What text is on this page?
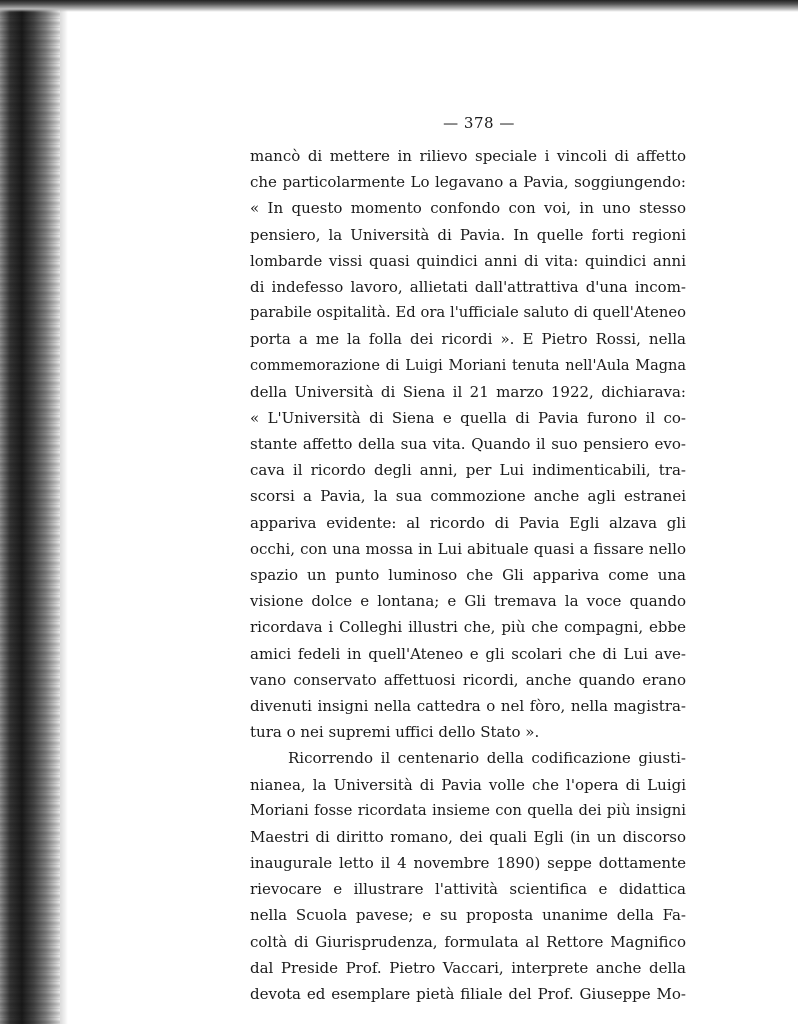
— 378 —
mancò di mettere in rilievo speciale i vincoli di affetto
che particolarmente Lo legavano a Pavia, soggiungendo:
« In questo momento confondo con voi, in uno stesso
pensiero, la Università di Pavia. In quelle forti regioni
lombarde vissi quasi quindici anni di vita: quindici anni
di indefesso lavoro, allietati dall'attrattiva d'una incom-
parabile ospitalità. Ed ora l'ufficiale saluto di quell'Ateneo
porta a me la folla dei ricordi ». E Pietro Rossi, nella
commemorazione di Luigi Moriani tenuta nell'Aula Magna
della Università di Siena il 21 marzo 1922, dichiarava:
« L'Università di Siena e quella di Pavia furono il co-
stante affetto della sua vita. Quando il suo pensiero evo-
cava il ricordo degli anni, per Lui indimenticabili, tra-
scorsi a Pavia, la sua commozione anche agli estranei
appariva evidente: al ricordo di Pavia Egli alzava gli
occhi, con una mossa in Lui abituale quasi a fissare nello
spazio un punto luminoso che Gli appariva come una
visione dolce e lontana; e Gli tremava la voce quando
ricordava i Colleghi illustri che, più che compagni, ebbe
amici fedeli in quell'Ateneo e gli scolari che di Lui ave-
vano conservato affettuosi ricordi, anche quando erano
divenuti insigni nella cattedra o nel fòro, nella magistra-
tura o nei supremi uffici dello Stato ».
Ricorrendo il centenario della codificazione giusti-
nianea, la Università di Pavia volle che l'opera di Luigi
Moriani fosse ricordata insieme con quella dei più insigni
Maestri di diritto romano, dei quali Egli (in un discorso
inaugurale letto il 4 novembre 1890) seppe dottamente
rievocare e illustrare l'attività scientifica e didattica
nella Scuola pavese; e su proposta unanime della Fa-
coltà di Giurisprudenza, formulata al Rettore Magnifico
dal Preside Prof. Pietro Vaccari, interprete anche della
devota ed esemplare pietà filiale del Prof. Giuseppe Mo-
